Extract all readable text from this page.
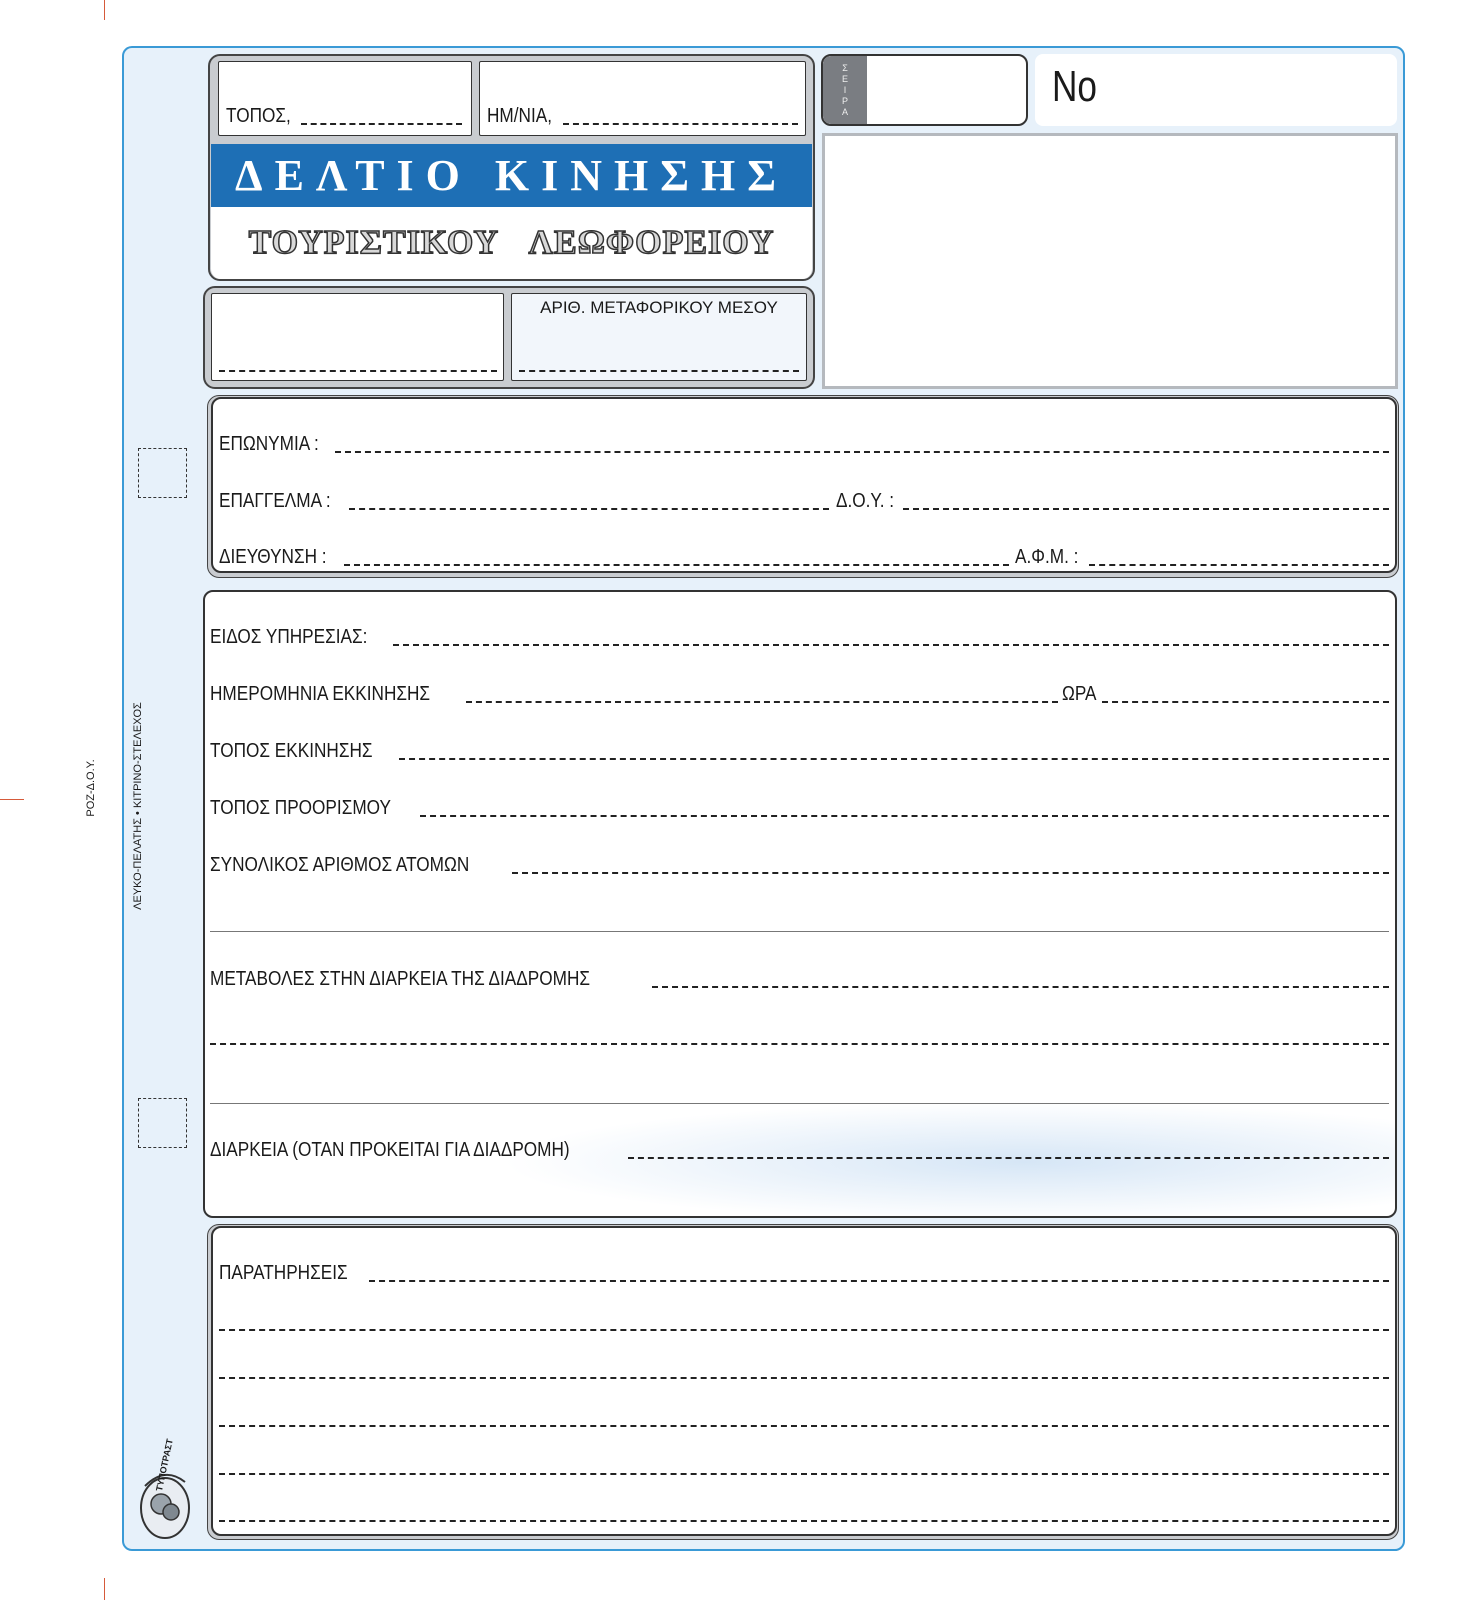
ΡΟΖ-Δ.Ο.Υ.	ΛΕΥΚΟ-ΠΕΛΑΤΗΣ • ΚΙΤΡΙΝΟ-ΣΤΕΛΕΧΟΣ
ΤΥΠΟΤΡΑΣΤ
ΤΟΠΟΣ,	ΗΜ/ΝΙΑ,
ΔΕΛΤΙΟ ΚΙΝΗΣΗΣ
ΤΟΥΡΙΣΤΙΚΟΥ ΛΕΩΦΟΡΕΙΟΥ
ΑΡΙΘ. ΜΕΤΑΦΟΡΙΚΟΥ ΜΕΣΟΥ
Σ
Ε
Ι
Ρ
Α
No
ΕΠΩΝΥΜΙΑ :
ΕΠΑΓΓΕΛΜΑ :	Δ.Ο.Υ. :
ΔΙΕΥΘΥΝΣΗ :	Α.Φ.Μ. :
ΕΙΔΟΣ ΥΠΗΡΕΣΙΑΣ:
ΗΜΕΡΟΜΗΝΙΑ ΕΚΚΙΝΗΣΗΣ	ΩΡΑ
ΤΟΠΟΣ ΕΚΚΙΝΗΣΗΣ
ΤΟΠΟΣ ΠΡΟΟΡΙΣΜΟΥ
ΣΥΝΟΛΙΚΟΣ ΑΡΙΘΜΟΣ ΑΤΟΜΩΝ
ΜΕΤΑΒΟΛΕΣ ΣΤΗΝ ΔΙΑΡΚΕΙΑ ΤΗΣ ΔΙΑΔΡΟΜΗΣ
ΔΙΑΡΚΕΙΑ (ΟΤΑΝ ΠΡΟΚΕΙΤΑΙ ΓΙΑ ΔΙΑΔΡΟΜΗ)
ΠΑΡΑΤΗΡΗΣΕΙΣ
